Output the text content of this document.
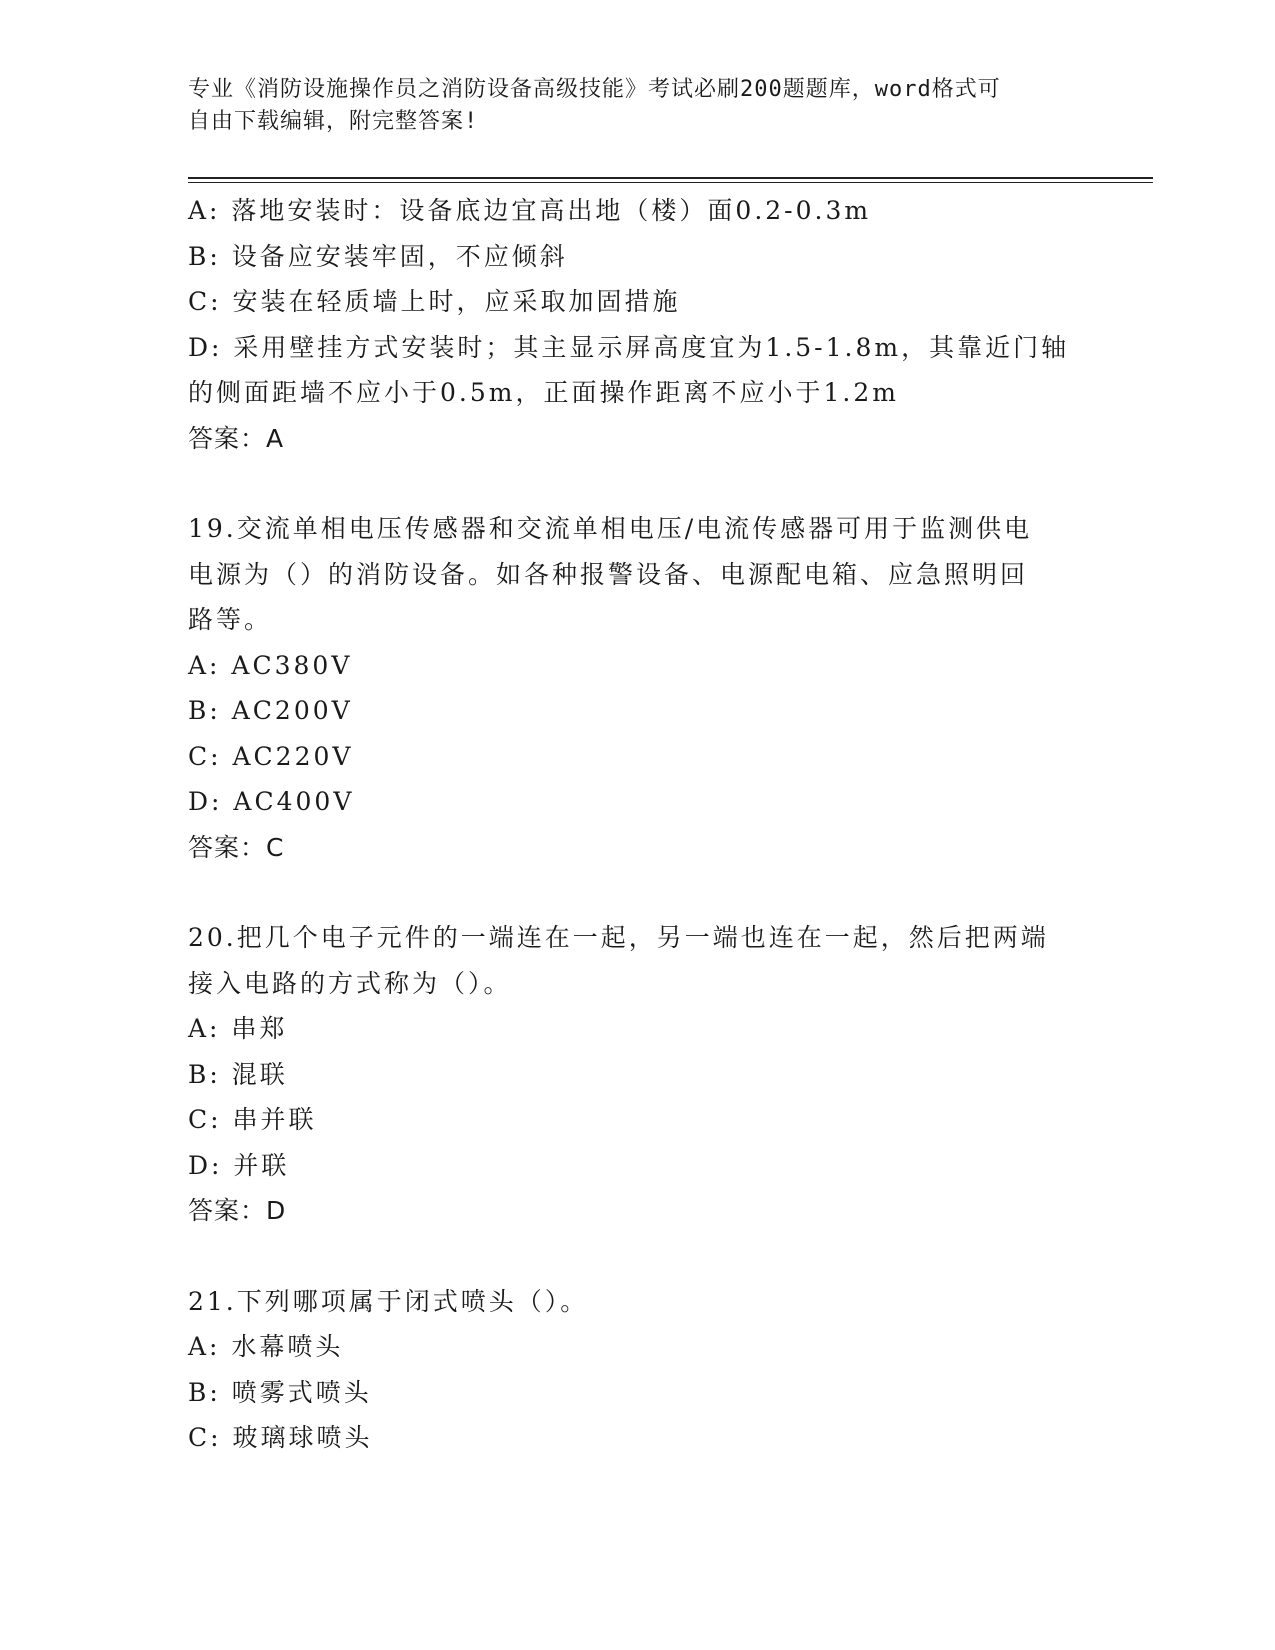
专业《消防设施操作员之消防设备高级技能》考试必刷200题题库，word格式可
自由下载编辑，附完整答案!
A: 落地安装时：设备底边宜高出地（楼）面0.2-0.3m
B: 设备应安装牢固，不应倾斜
C: 安装在轻质墙上时，应采取加固措施
D: 采用壁挂方式安装时；其主显示屏高度宜为1.5-1.8m，其靠近门轴
的侧面距墙不应小于0.5m，正面操作距离不应小于1.2m
答案：A
19.交流单相电压传感器和交流单相电压/电流传感器可用于监测供电
电源为（）的消防设备。如各种报警设备、电源配电箱、应急照明回
路等。
A: AC380V
B: AC200V
C: AC220V
D: AC400V
答案：C
20.把几个电子元件的一端连在一起，另一端也连在一起，然后把两端
接入电路的方式称为（）。
A: 串郑
B: 混联
C: 串并联
D: 并联
答案：D
21.下列哪项属于闭式喷头（）。
A: 水幕喷头
B: 喷雾式喷头
C: 玻璃球喷头
